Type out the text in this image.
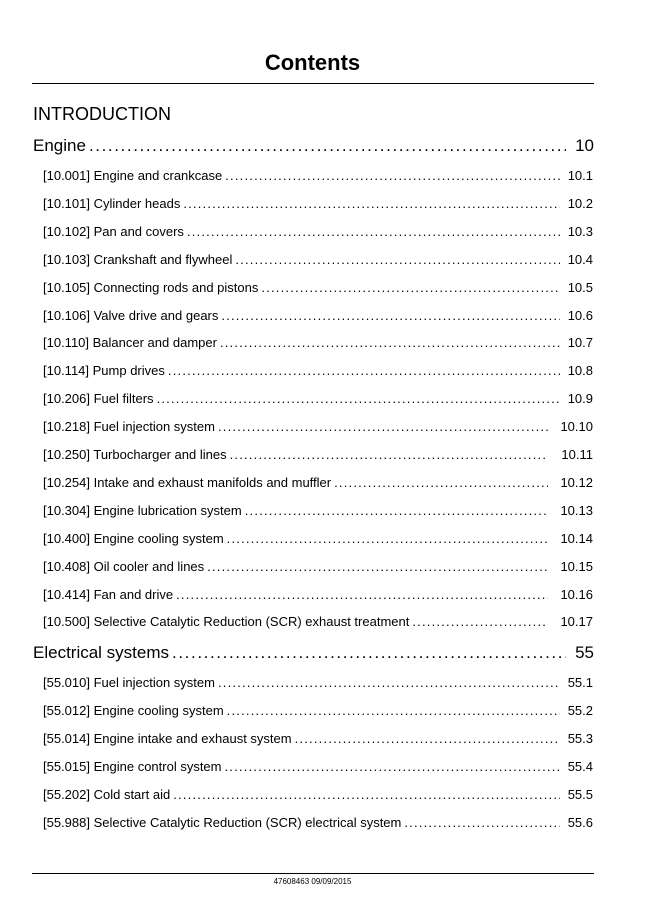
Contents
INTRODUCTION
Engine .....	10
[10.001] Engine and crankcase .....	10.1
[10.101] Cylinder heads .....	10.2
[10.102] Pan and covers .....	10.3
[10.103] Crankshaft and flywheel .....	10.4
[10.105] Connecting rods and pistons .....	10.5
[10.106] Valve drive and gears .....	10.6
[10.110] Balancer and damper .....	10.7
[10.114] Pump drives .....	10.8
[10.206] Fuel filters .....	10.9
[10.218] Fuel injection system .....	10.10
[10.250] Turbocharger and lines .....	10.11
[10.254] Intake and exhaust manifolds and muffler .....	10.12
[10.304] Engine lubrication system .....	10.13
[10.400] Engine cooling system .....	10.14
[10.408] Oil cooler and lines .....	10.15
[10.414] Fan and drive .....	10.16
[10.500] Selective Catalytic Reduction (SCR) exhaust treatment .....	10.17
Electrical systems .....	55
[55.010] Fuel injection system .....	55.1
[55.012] Engine cooling system .....	55.2
[55.014] Engine intake and exhaust system .....	55.3
[55.015] Engine control system .....	55.4
[55.202] Cold start aid .....	55.5
[55.988] Selective Catalytic Reduction (SCR) electrical system .....	55.6
47608463 09/09/2015
